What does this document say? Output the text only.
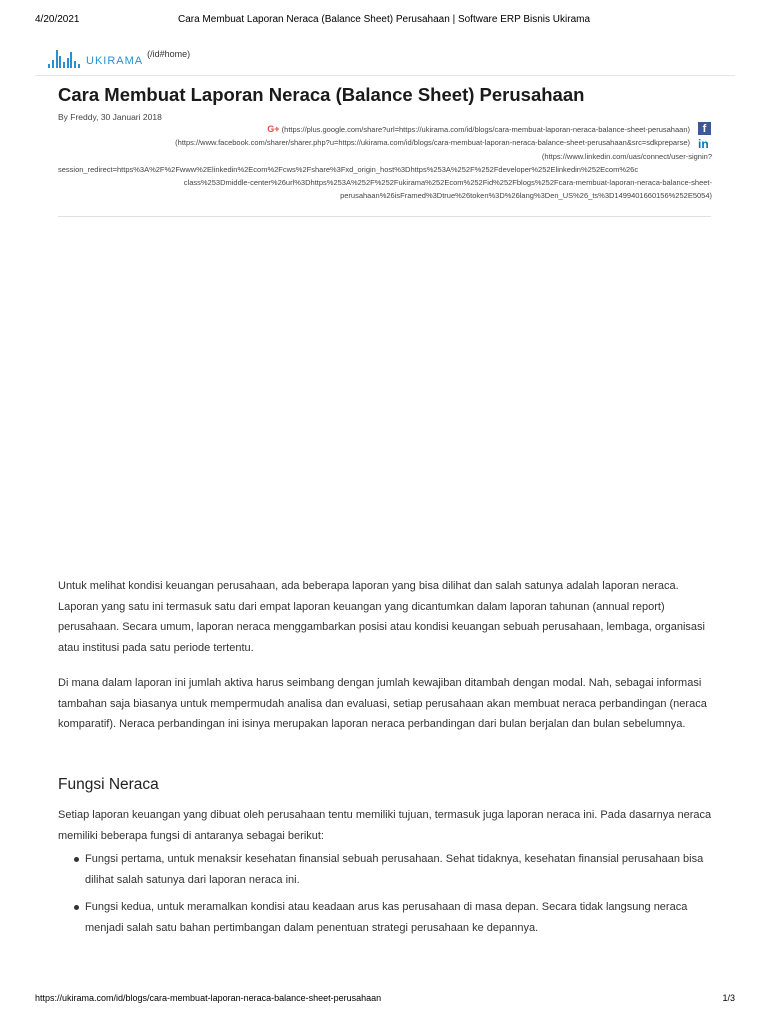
4/20/2021	Cara Membuat Laporan Neraca (Balance Sheet) Perusahaan | Software ERP Bisnis Ukirama
UKIRAMA
(/id#home)
Cara Membuat Laporan Neraca (Balance Sheet) Perusahaan
By Freddy, 30 Januari 2018
G+ (https://plus.google.com/share?url=https://ukirama.com/id/blogs/cara-membuat-laporan-neraca-balance-sheet-perusahaan)	f
(https://www.facebook.com/sharer/sharer.php?u=https://ukirama.com/id/blogs/cara-membuat-laporan-neraca-balance-sheet-perusahaan&src=sdkpreparse) in
(https://www.linkedin.com/uas/connect/user-signin?
session_redirect=https%3A%2F%2Fwww%2Elinkedin%2Ecom%2Fcws%2Fshare%3Fxd_origin_host%3Dhttps%253A%252F%252Fdeveloper%252Elinkedin%252Ecom%26c
class%253Dmiddle-center%26url%3Dhttps%253A%252F%252Fukirama%252Ecom%252Fid%252Fblogs%252Fcara-membuat-laporan-neraca-balance-sheet-
perusahaan%26isFramed%3Dtrue%26token%3D%26lang%3Den_US%26_ts%3D1499401660156%252E5054)

Untuk melihat kondisi keuangan perusahaan, ada beberapa laporan yang bisa dilihat dan salah satunya adalah laporan neraca. Laporan yang satu ini termasuk satu dari empat laporan keuangan yang dicantumkan dalam laporan tahunan (annual report) perusahaan. Secara umum, laporan neraca menggambarkan posisi atau kondisi keuangan sebuah perusahaan, lembaga, organisasi atau institusi pada satu periode tertentu.

Di mana dalam laporan ini jumlah aktiva harus seimbang dengan jumlah kewajiban ditambah dengan modal. Nah, sebagai informasi tambahan saja biasanya untuk mempermudah analisa dan evaluasi, setiap perusahaan akan membuat neraca perbandingan (neraca komparatif). Neraca perbandingan ini isinya merupakan laporan neraca perbandingan dari bulan berjalan dan bulan sebelumnya.

Fungsi Neraca

Setiap laporan keuangan yang dibuat oleh perusahaan tentu memiliki tujuan, termasuk juga laporan neraca ini. Pada dasarnya neraca memiliki beberapa fungsi di antaranya sebagai berikut:

Fungsi pertama, untuk menaksir kesehatan finansial sebuah perusahaan. Sehat tidaknya, kesehatan finansial perusahaan bisa dilihat salah satunya dari laporan neraca ini.
Fungsi kedua, untuk meramalkan kondisi atau keadaan arus kas perusahaan di masa depan. Secara tidak langsung neraca menjadi salah satu bahan pertimbangan dalam penentuan strategi perusahaan ke depannya.
https://ukirama.com/id/blogs/cara-membuat-laporan-neraca-balance-sheet-perusahaan	1/3
